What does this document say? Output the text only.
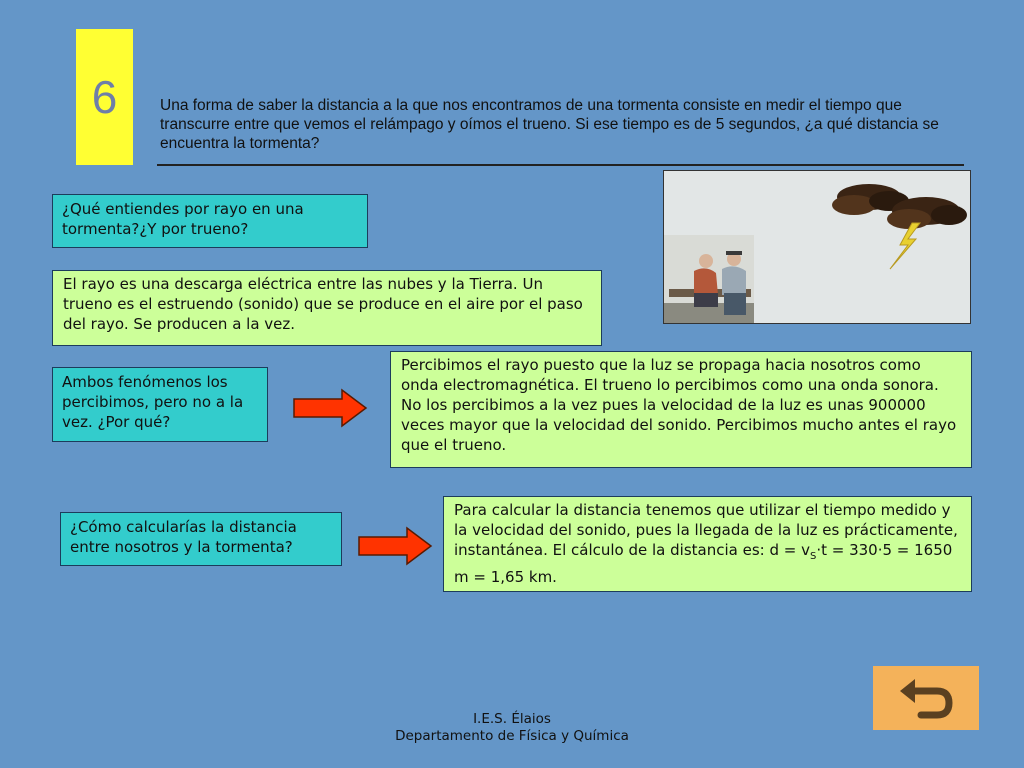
6	Una forma de saber la distancia a la que nos encontramos de una tormenta consiste en medir el tiempo que transcurre entre que vemos el relámpago y oímos el trueno. Si ese tiempo es de 5 segundos, ¿a qué distancia se encuentra la tormenta?
¿Qué entiendes por rayo en una tormenta?¿Y por trueno?
El rayo es una descarga eléctrica entre las nubes y la Tierra. Un trueno es el estruendo (sonido) que se produce en el aire por el paso del rayo. Se producen a la vez.
Ambos fenómenos los percibimos, pero no a la vez. ¿Por qué?
Percibimos el rayo puesto que la luz se propaga hacia nosotros como onda electromagnética. El trueno lo percibimos como una onda sonora. No los percibimos a la vez pues la velocidad de la luz es unas 900000 veces mayor que la velocidad del sonido. Percibimos mucho antes el rayo que el trueno.
¿Cómo calcularías la distancia entre nosotros y la tormenta?
Para calcular la distancia tenemos que utilizar el tiempo medido y la velocidad del sonido, pues la llegada de la luz es prácticamente, instantánea. El cálculo de la distancia es: $d = v_S\cdot t = 330\cdot 5 = 1650$ m = 1,65 km.
I.E.S. Élaios
Departamento de Física y Química
